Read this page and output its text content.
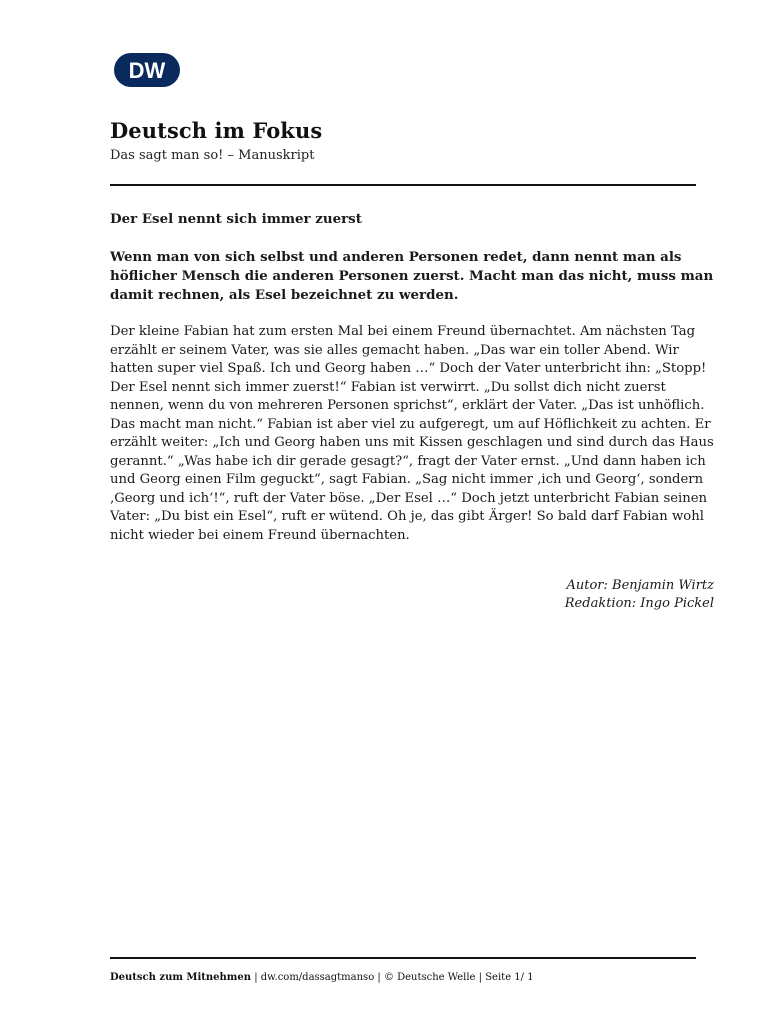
DW
Deutsch im Fokus

Das sagt man so! – Manuskript

Der Esel nennt sich immer zuerst

Wenn man von sich selbst und anderen Personen redet, dann nennt man als höflicher Mensch die anderen Personen zuerst. Macht man das nicht, muss man damit rechnen, als Esel bezeichnet zu werden.

Der kleine Fabian hat zum ersten Mal bei einem Freund übernachtet. Am nächsten Tag erzählt er seinem Vater, was sie alles gemacht haben. „Das war ein toller Abend. Wir hatten super viel Spaß. Ich und Georg haben …“ Doch der Vater unterbricht ihn: „Stopp! Der Esel nennt sich immer zuerst!“ Fabian ist verwirrt. „Du sollst dich nicht zuerst nennen, wenn du von mehreren Personen sprichst“, erklärt der Vater. „Das ist unhöflich. Das macht man nicht.“ Fabian ist aber viel zu aufgeregt, um auf Höflichkeit zu achten. Er erzählt weiter: „Ich und Georg haben uns mit Kissen geschlagen und sind durch das Haus gerannt.“ „Was habe ich dir gerade gesagt?“, fragt der Vater ernst. „Und dann haben ich und Georg einen Film geguckt“, sagt Fabian. „Sag nicht immer ‚ich und Georg‘, sondern ‚Georg und ich‘!“, ruft der Vater böse. „Der Esel …“ Doch jetzt unterbricht Fabian seinen Vater: „Du bist ein Esel“, ruft er wütend. Oh je, das gibt Ärger! So bald darf Fabian wohl nicht wieder bei einem Freund übernachten.

Autor: Benjamin Wirtz
Redaktion: Ingo Pickel
Deutsch zum Mitnehmen | dw.com/dassagtmanso | © Deutsche Welle | Seite 1/ 1
